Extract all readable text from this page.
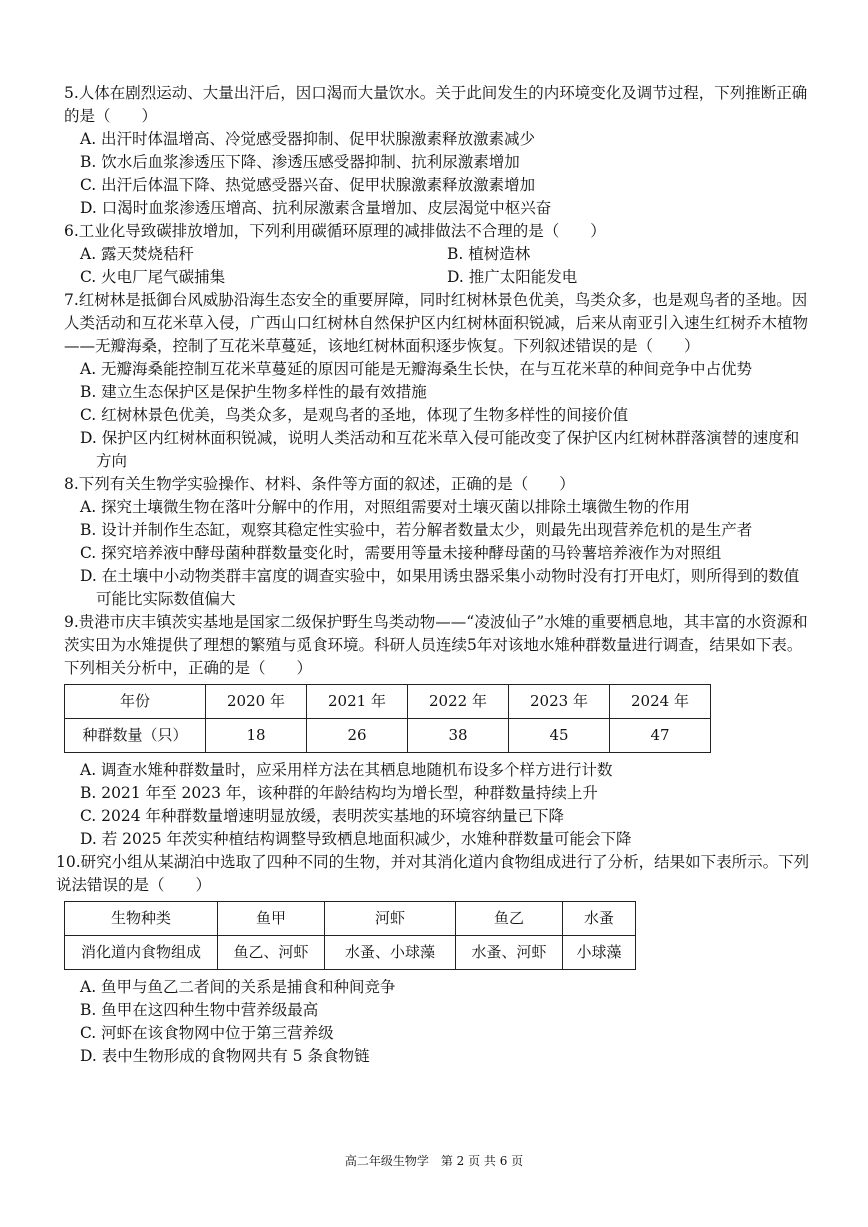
5.人体在剧烈运动、大量出汗后，因口渴而大量饮水。关于此间发生的内环境变化及调节过程，下列推断正确的是（　　）
A. 出汗时体温增高、冷觉感受器抑制、促甲状腺激素释放激素减少
B. 饮水后血浆渗透压下降、渗透压感受器抑制、抗利尿激素增加
C. 出汗后体温下降、热觉感受器兴奋、促甲状腺激素释放激素增加
D. 口渴时血浆渗透压增高、抗利尿激素含量增加、皮层渴觉中枢兴奋
6.工业化导致碳排放增加，下列利用碳循环原理的减排做法不合理的是（　　）
A. 露天焚烧秸秆	B. 植树造林
C. 火电厂尾气碳捕集	D. 推广太阳能发电
7.红树林是抵御台风威胁沿海生态安全的重要屏障，同时红树林景色优美，鸟类众多，也是观鸟者的圣地。因人类活动和互花米草入侵，广西山口红树林自然保护区内红树林面积锐减，后来从南亚引入速生红树乔木植物——无瓣海桑，控制了互花米草蔓延，该地红树林面积逐步恢复。下列叙述错误的是（　　）
A. 无瓣海桑能控制互花米草蔓延的原因可能是无瓣海桑生长快，在与互花米草的种间竞争中占优势
B. 建立生态保护区是保护生物多样性的最有效措施
C. 红树林景色优美，鸟类众多，是观鸟者的圣地，体现了生物多样性的间接价值
D. 保护区内红树林面积锐减，说明人类活动和互花米草入侵可能改变了保护区内红树林群落演替的速度和方向
8.下列有关生物学实验操作、材料、条件等方面的叙述，正确的是（　　）
A. 探究土壤微生物在落叶分解中的作用，对照组需要对土壤灭菌以排除土壤微生物的作用
B. 设计并制作生态缸，观察其稳定性实验中，若分解者数量太少，则最先出现营养危机的是生产者
C. 探究培养液中酵母菌种群数量变化时，需要用等量未接种酵母菌的马铃薯培养液作为对照组
D. 在土壤中小动物类群丰富度的调查实验中，如果用诱虫器采集小动物时没有打开电灯，则所得到的数值可能比实际数值偏大
9.贵港市庆丰镇茨实基地是国家二级保护野生鸟类动物——“凌波仙子”水雉的重要栖息地，其丰富的水资源和茨实田为水雉提供了理想的繁殖与觅食环境。科研人员连续5年对该地水雉种群数量进行调查，结果如下表。下列相关分析中，正确的是（　　）
年份	2020 年	2021 年	2022 年	2023 年	2024 年
种群数量（只）	18	26	38	45	47
A. 调查水雉种群数量时，应采用样方法在其栖息地随机布设多个样方进行计数
B. 2021 年至 2023 年，该种群的年龄结构均为增长型，种群数量持续上升
C. 2024 年种群数量增速明显放缓，表明茨实基地的环境容纳量已下降
D. 若 2025 年茨实种植结构调整导致栖息地面积减少，水雉种群数量可能会下降
10.研究小组从某湖泊中选取了四种不同的生物，并对其消化道内食物组成进行了分析，结果如下表所示。下列说法错误的是（　　）
生物种类	鱼甲	河虾	鱼乙	水蚤
消化道内食物组成	鱼乙、河虾	水蚤、小球藻	水蚤、河虾	小球藻
A. 鱼甲与鱼乙二者间的关系是捕食和种间竞争
B. 鱼甲在这四种生物中营养级最高
C. 河虾在该食物网中位于第三营养级
D. 表中生物形成的食物网共有 5 条食物链
高二年级生物学　第 2 页 共 6 页
